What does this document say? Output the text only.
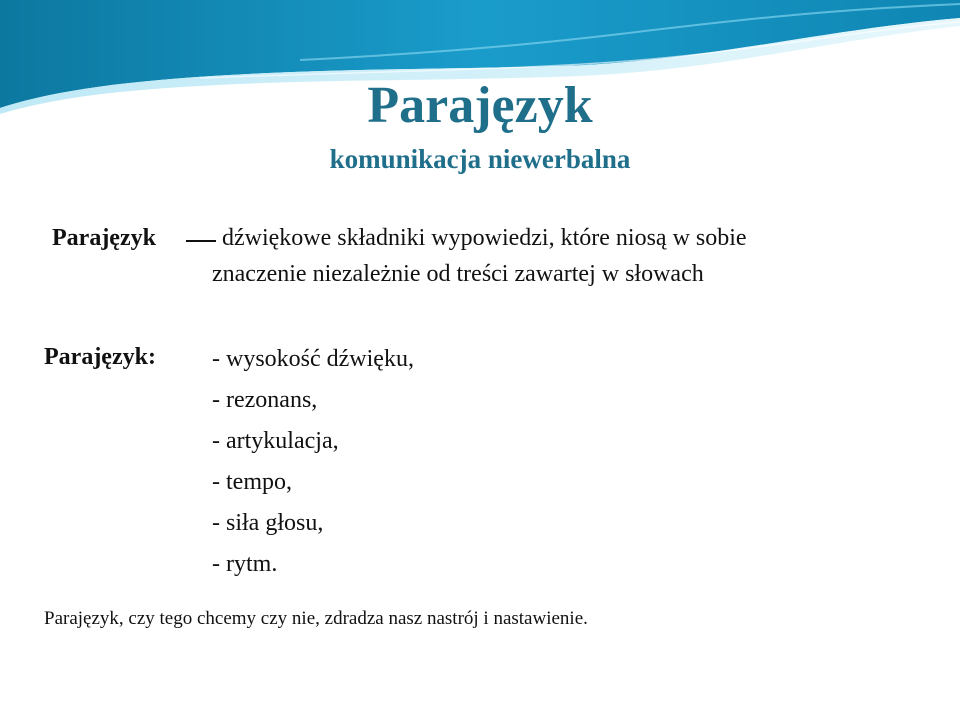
Parajęzyk
komunikacja niewerbalna
Parajęzyk	dźwiękowe składniki wypowiedzi, które niosą w sobie
znaczenie niezależnie od treści zawartej w słowach
Parajęzyk: - wysokość dźwięku,
- rezonans,
- artykulacja,
- tempo,
- siła głosu,
- rytm.
Parajęzyk, czy tego chcemy czy nie, zdradza nasz nastrój i nastawienie.
